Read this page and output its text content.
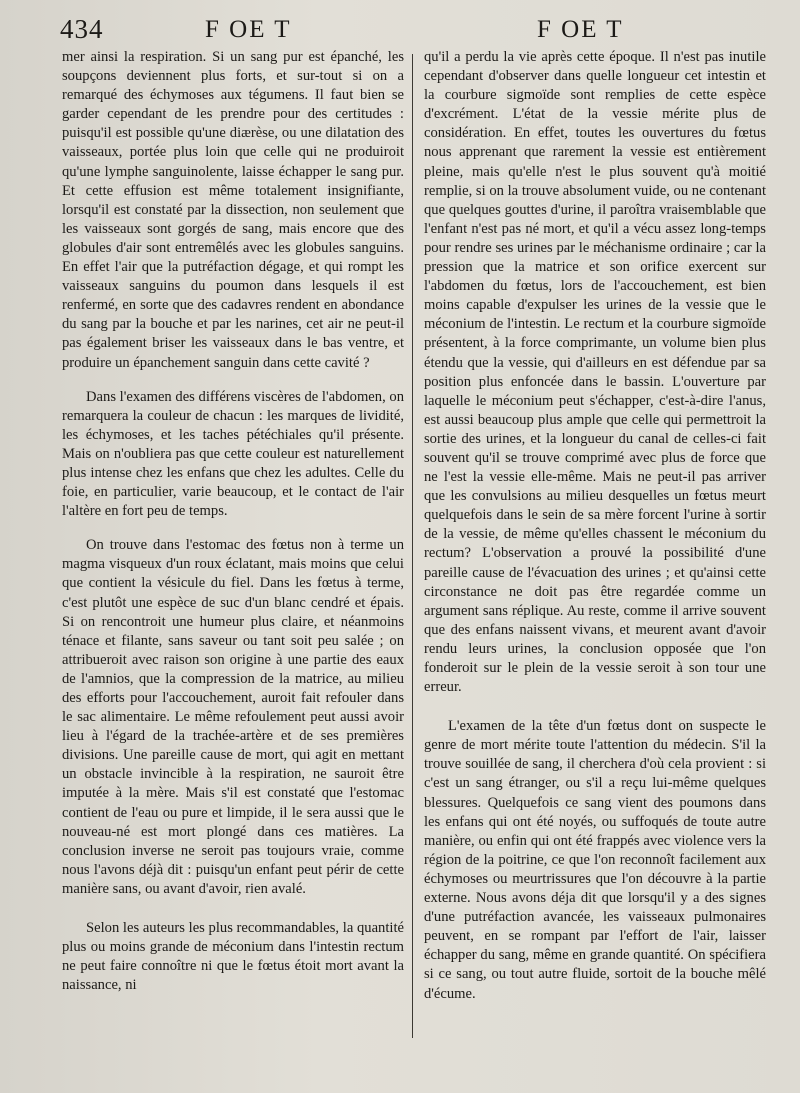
434	F OE T	F OE T

mer ainsi la respiration. Si un sang pur est épanché, les soupçons deviennent plus forts, et sur-tout si on a remarqué des échymoses aux tégumens. Il faut bien se garder cependant de les prendre pour des certitudes : puisqu'il est possible qu'une diærèse, ou une dilatation des vaisseaux, portée plus loin que celle qui ne produiroit qu'une lymphe sanguinolente, laisse échapper le sang pur. Et cette effusion est même totalement insignifiante, lorsqu'il est constaté par la dissection, non seulement que les vaisseaux sont gorgés de sang, mais encore que des globules d'air sont entremêlés avec les globules sanguins. En effet l'air que la putréfaction dégage, et qui rompt les vaisseaux sanguins du poumon dans lesquels il est renfermé, en sorte que des cadavres rendent en abondance du sang par la bouche et par les narines, cet air ne peut-il pas également briser les vaisseaux dans le bas ventre, et produire un épanchement sanguin dans cette cavité ?

Dans l'examen des différens viscères de l'abdomen, on remarquera la couleur de chacun : les marques de lividité, les échymoses, et les taches pétéchiales qu'il présente. Mais on n'oubliera pas que cette couleur est naturellement plus intense chez les enfans que chez les adultes. Celle du foie, en particulier, varie beaucoup, et le contact de l'air l'altère en fort peu de temps.

On trouve dans l'estomac des fœtus non à terme un magma visqueux d'un roux éclatant, mais moins que celui que contient la vésicule du fiel. Dans les fœtus à terme, c'est plutôt une espèce de suc d'un blanc cendré et épais. Si on rencontroit une humeur plus claire, et néanmoins ténace et filante, sans saveur ou tant soit peu salée ; on attribueroit avec raison son origine à une partie des eaux de l'amnios, que la compression de la matrice, au milieu des efforts pour l'accouchement, auroit fait refouler dans le sac alimentaire. Le même refoulement peut aussi avoir lieu à l'égard de la trachée-artère et de ses premières divisions. Une pareille cause de mort, qui agit en mettant un obstacle invincible à la respiration, ne sauroit être imputée à la mère. Mais s'il est constaté que l'estomac contient de l'eau ou pure et limpide, il le sera aussi que le nouveau-né est mort plongé dans ces matières. La conclusion inverse ne seroit pas toujours vraie, comme nous l'avons déjà dit : puisqu'un enfant peut périr de cette manière sans, ou avant d'avoir, rien avalé.

Selon les auteurs les plus recommandables, la quantité plus ou moins grande de méconium dans l'intestin rectum ne peut faire connoître ni que le fœtus étoit mort avant la naissance, ni

qu'il a perdu la vie après cette époque. Il n'est pas inutile cependant d'observer dans quelle longueur cet intestin et la courbure sigmoïde sont remplies de cette espèce d'excrément. L'état de la vessie mérite plus de considération. En effet, toutes les ouvertures du fœtus nous apprenant que rarement la vessie est entièrement pleine, mais qu'elle n'est le plus souvent qu'à moitié remplie, si on la trouve absolument vuide, ou ne contenant que quelques gouttes d'urine, il paroîtra vraisemblable que l'enfant n'est pas né mort, et qu'il a vécu assez long-temps pour rendre ses urines par le méchanisme ordinaire ; car la pression que la matrice et son orifice exercent sur l'abdomen du fœtus, lors de l'accouchement, est bien moins capable d'expulser les urines de la vessie que le méconium de l'intestin. Le rectum et la courbure sigmoïde présentent, à la force comprimante, un volume bien plus étendu que la vessie, qui d'ailleurs en est défendue par sa position plus enfoncée dans le bassin. L'ouverture par laquelle le méconium peut s'échapper, c'est-à-dire l'anus, est aussi beaucoup plus ample que celle qui permettroit la sortie des urines, et la longueur du canal de celles-ci fait souvent qu'il se trouve comprimé avec plus de force que ne l'est la vessie elle-même. Mais ne peut-il pas arriver que les convulsions au milieu desquelles un fœtus meurt quelquefois dans le sein de sa mère forcent l'urine à sortir de la vessie, de même qu'elles chassent le méconium du rectum? L'observation a prouvé la possibilité d'une pareille cause de l'évacuation des urines ; et qu'ainsi cette circonstance ne doit pas être regardée comme un argument sans réplique. Au reste, comme il arrive souvent que des enfans naissent vivans, et meurent avant d'avoir rendu leurs urines, la conclusion opposée que l'on fonderoit sur le plein de la vessie seroit à son tour une erreur.

L'examen de la tête d'un fœtus dont on suspecte le genre de mort mérite toute l'attention du médecin. S'il la trouve souillée de sang, il cherchera d'où cela provient : si c'est un sang étranger, ou s'il a reçu lui-même quelques blessures. Quelquefois ce sang vient des poumons dans les enfans qui ont été noyés, ou suffoqués de toute autre manière, ou enfin qui ont été frappés avec violence vers la région de la poitrine, ce que l'on reconnoît facilement aux échymoses ou meurtrissures que l'on découvre à la partie externe. Nous avons déja dit que lorsqu'il y a des signes d'une putréfaction avancée, les vaisseaux pulmonaires peuvent, en se rompant par l'effort de l'air, laisser échapper du sang, même en grande quantité. On spécifiera si ce sang, ou tout autre fluide, sortoit de la bouche mêlé d'écume.
